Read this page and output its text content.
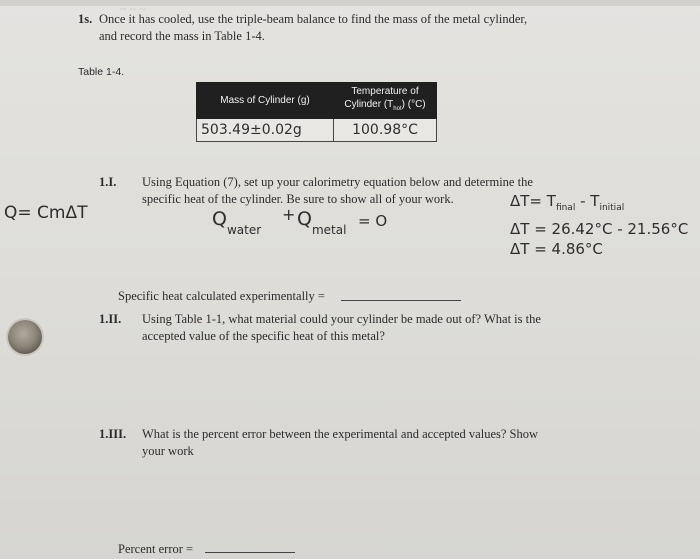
~ ~ ~
1s. Once it has cooled, use the triple-beam balance to find the mass of the metal cylinder,
and record the mass in Table 1-4.
Table 1-4.
Mass of Cylinder (g)	Temperature of
Cylinder $(T_{hot})$ (°C)
503.49±0.02g	100.98°C
1.I. Using Equation (7), set up your calorimetry equation below and determine the
specific heat of the cylinder. Be sure to show all of your work.
Q= CmΔT	$Q_{water}$
+ $Q_{metal} = O$
$\Delta T= T_{final} - T_{initial}$
ΔT = 26.42°C - 21.56°C
ΔT = 4.86°C
Specific heat calculated experimentally =
1.II. Using Table 1-1, what material could your cylinder be made out of? What is the
accepted value of the specific heat of this metal?
1.III. What is the percent error between the experimental and accepted values? Show
your work
Percent error =
